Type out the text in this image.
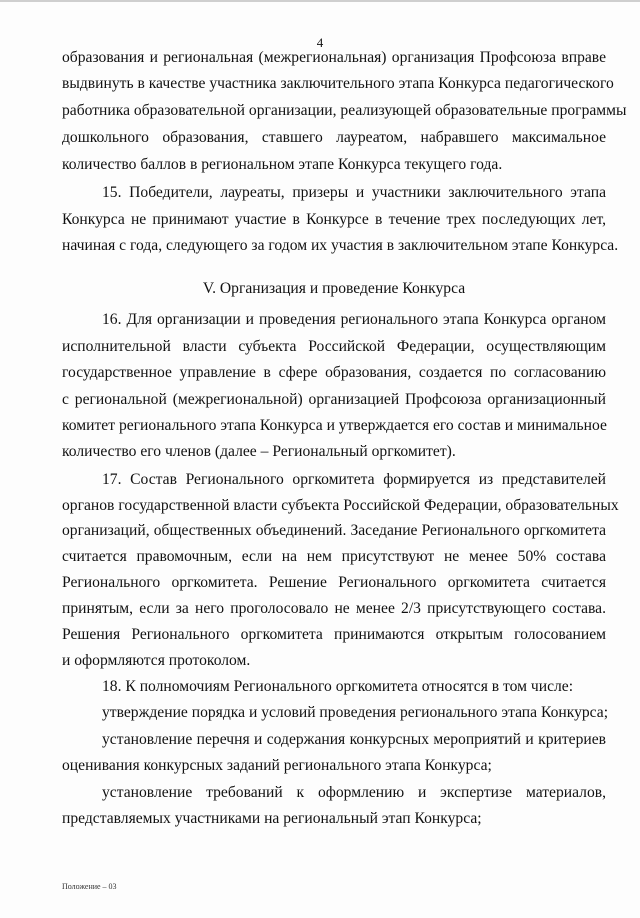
4
образования и региональная (межрегиональная) организация Профсоюза вправе
выдвинуть в качестве участника заключительного этапа Конкурса педагогического
работника образовательной организации, реализующей образовательные программы
дошкольного образования, ставшего лауреатом, набравшего максимальное
количество баллов в региональном этапе Конкурса текущего года.
15. Победители, лауреаты, призеры и участники заключительного этапа
Конкурса не принимают участие в Конкурсе в течение трех последующих лет,
начиная с года, следующего за годом их участия в заключительном этапе Конкурса.
V. Организация и проведение Конкурса
16. Для организации и проведения регионального этапа Конкурса органом
исполнительной власти субъекта Российской Федерации, осуществляющим
государственное управление в сфере образования, создается по согласованию
с региональной (межрегиональной) организацией Профсоюза организационный
комитет регионального этапа Конкурса и утверждается его состав и минимальное
количество его членов (далее – Региональный оргкомитет).
17. Состав Регионального оргкомитета формируется из представителей
органов государственной власти субъекта Российской Федерации, образовательных
организаций, общественных объединений. Заседание Регионального оргкомитета
считается правомочным, если на нем присутствуют не менее 50% состава
Регионального оргкомитета. Решение Регионального оргкомитета считается
принятым, если за него проголосовало не менее 2/3 присутствующего состава.
Решения Регионального оргкомитета принимаются открытым голосованием
и оформляются протоколом.
18. К полномочиям Регионального оргкомитета относятся в том числе:
утверждение порядка и условий проведения регионального этапа Конкурса;
установление перечня и содержания конкурсных мероприятий и критериев
оценивания конкурсных заданий регионального этапа Конкурса;
установление требований к оформлению и экспертизе материалов,
представляемых участниками на региональный этап Конкурса;
Положение – 03
